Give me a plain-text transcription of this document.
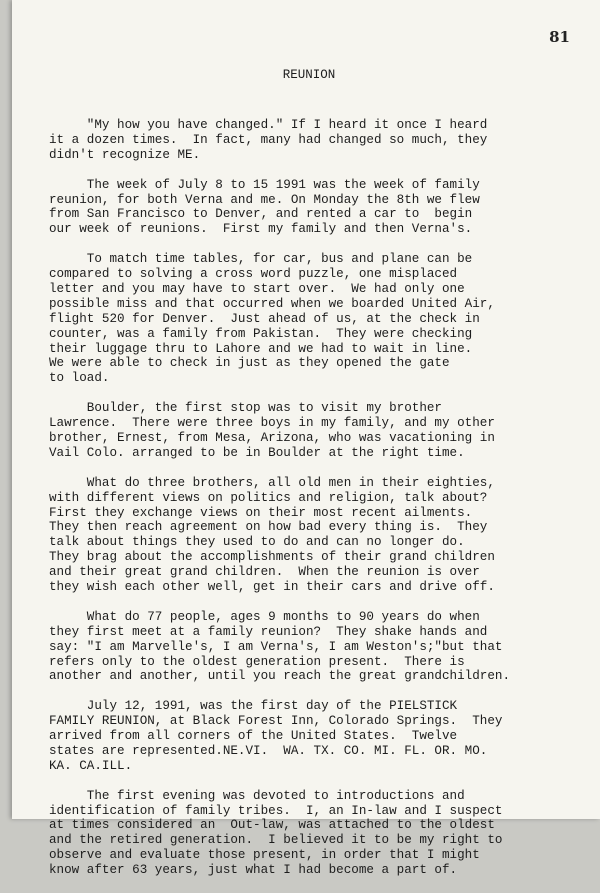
81
REUNION
"My how you have changed." If I heard it once I heard
it a dozen times.  In fact, many had changed so much, they
didn't recognize ME.
The week of July 8 to 15 1991 was the week of family
reunion, for both Verna and me. On Monday the 8th we flew
from San Francisco to Denver, and rented a car to  begin
our week of reunions.  First my family and then Verna's.
To match time tables, for car, bus and plane can be
compared to solving a cross word puzzle, one misplaced
letter and you may have to start over.  We had only one
possible miss and that occurred when we boarded United Air,
flight 520 for Denver.  Just ahead of us, at the check in
counter, was a family from Pakistan.  They were checking
their luggage thru to Lahore and we had to wait in line.
We were able to check in just as they opened the gate
to load.
Boulder, the first stop was to visit my brother
Lawrence.  There were three boys in my family, and my other
brother, Ernest, from Mesa, Arizona, who was vacationing in
Vail Colo. arranged to be in Boulder at the right time.
What do three brothers, all old men in their eighties,
with different views on politics and religion, talk about?
First they exchange views on their most recent ailments.
They then reach agreement on how bad every thing is.  They
talk about things they used to do and can no longer do.
They brag about the accomplishments of their grand children
and their great grand children.  When the reunion is over
they wish each other well, get in their cars and drive off.
What do 77 people, ages 9 months to 90 years do when
they first meet at a family reunion?  They shake hands and
say: "I am Marvelle's, I am Verna's, I am Weston's;"but that
refers only to the oldest generation present.  There is
another and another, until you reach the great grandchildren.
July 12, 1991, was the first day of the PIELSTICK
FAMILY REUNION, at Black Forest Inn, Colorado Springs.  They
arrived from all corners of the United States.  Twelve
states are represented.NE.VI.  WA. TX. CO. MI. FL. OR. MO.
KA. CA.ILL.
The first evening was devoted to introductions and
identification of family tribes.  I, an In-law and I suspect
at times considered an  Out-law, was attached to the oldest
and the retired generation.  I believed it to be my right to
observe and evaluate those present, in order that I might
know after 63 years, just what I had become a part of.
